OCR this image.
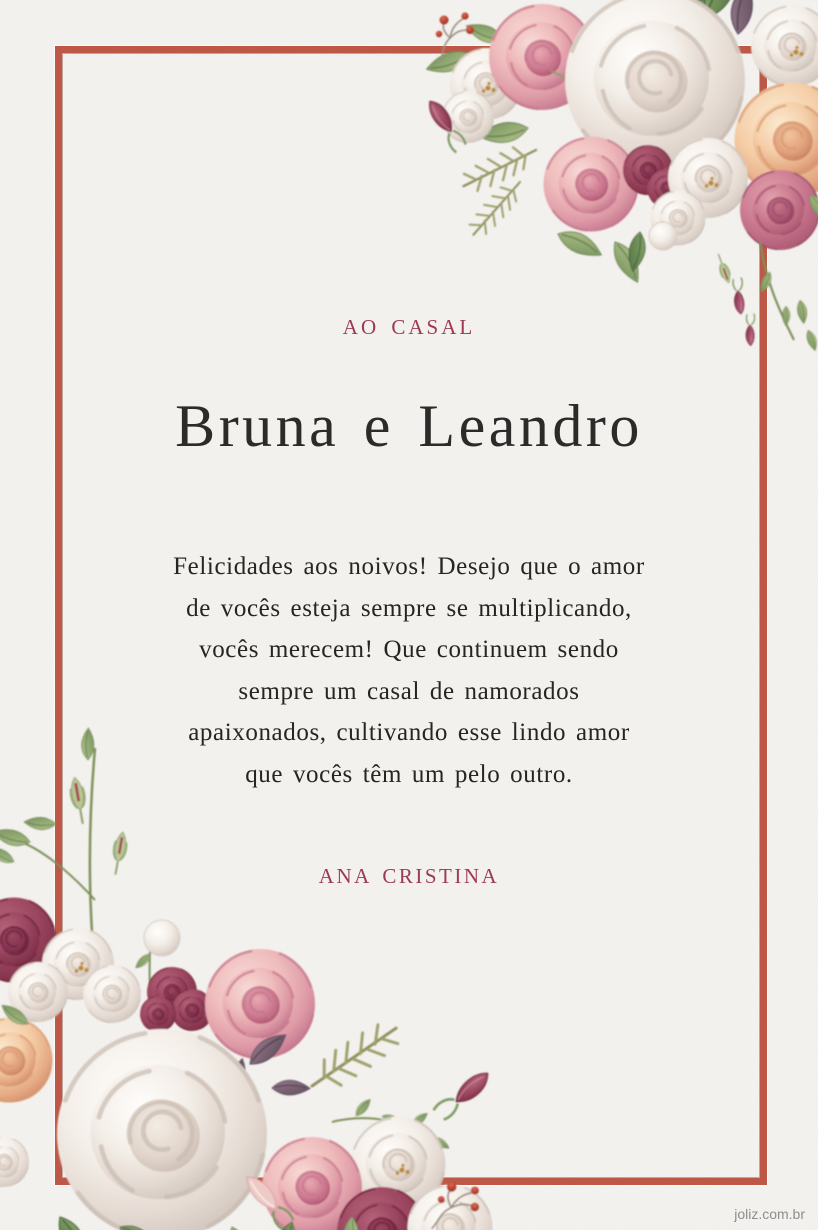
AO CASAL
Bruna e Leandro
Felicidades aos noivos! Desejo que o amor
de vocês esteja sempre se multiplicando,
vocês merecem! Que continuem sendo
sempre um casal de namorados
apaixonados, cultivando esse lindo amor
que vocês têm um pelo outro.
ANA CRISTINA
joliz.com.br
